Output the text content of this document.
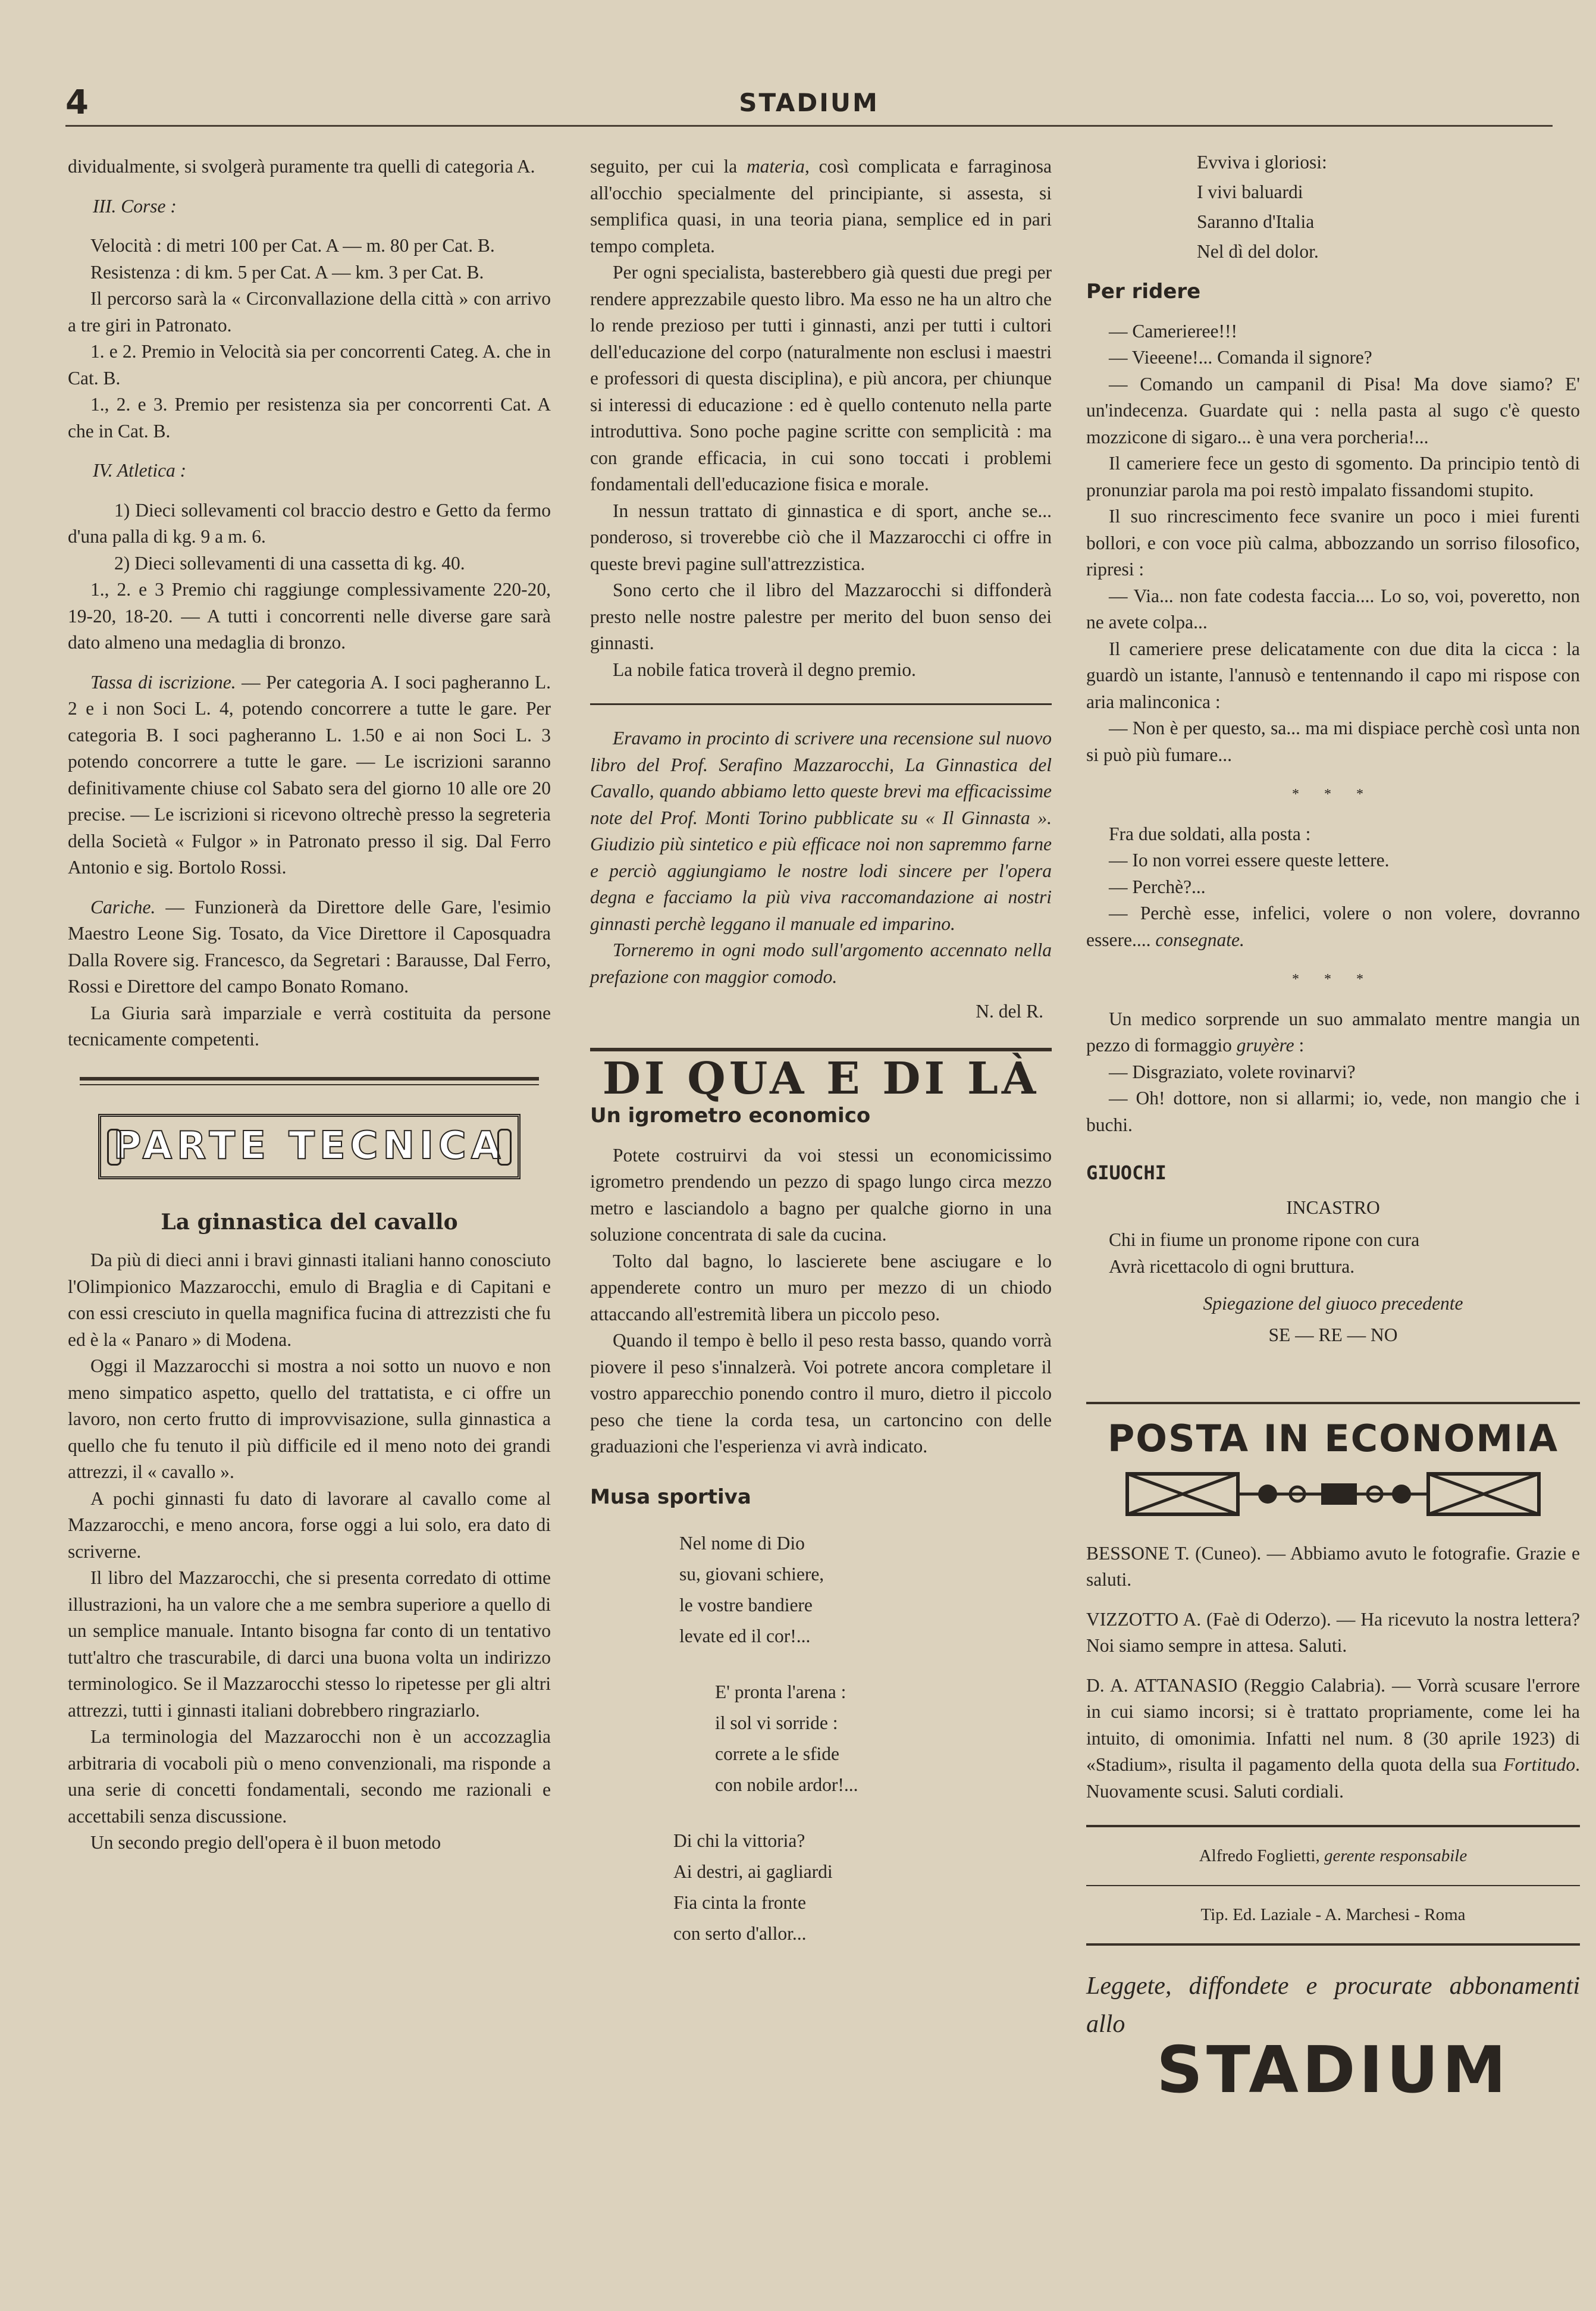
4	STADIUM

dividualmente, si svolgerà puramente tra quelli di categoria A.

III. Corse :

Velocità : di metri 100 per Cat. A — m. 80 per Cat. B.

Resistenza : di km. 5 per Cat. A — km. 3 per Cat. B.

Il percorso sarà la « Circonvallazione della città » con arrivo a tre giri in Patronato.

1. e 2. Premio in Velocità sia per concorrenti Categ. A. che in Cat. B.

1., 2. e 3. Premio per resistenza sia per concorrenti Cat. A che in Cat. B.

IV. Atletica :

1) Dieci sollevamenti col braccio destro e Getto da fermo d'una palla di kg. 9 a m. 6.

2) Dieci sollevamenti di una cassetta di kg. 40.

1., 2. e 3 Premio chi raggiunge complessivamente 220-20, 19-20, 18-20. — A tutti i concorrenti nelle diverse gare sarà dato almeno una medaglia di bronzo.

Tassa di iscrizione. — Per categoria A. I soci pagheranno L. 2 e i non Soci L. 4, potendo concorrere a tutte le gare. Per categoria B. I soci pagheranno L. 1.50 e ai non Soci L. 3 potendo concorrere a tutte le gare. — Le iscrizioni saranno definitivamente chiuse col Sabato sera del giorno 10 alle ore 20 precise. — Le iscrizioni si ricevono oltrechè presso la segreteria della Società « Fulgor » in Patronato presso il sig. Dal Ferro Antonio e sig. Bortolo Rossi.

Cariche. — Funzionerà da Direttore delle Gare, l'esimio Maestro Leone Sig. Tosato, da Vice Direttore il Caposquadra Dalla Rovere sig. Francesco, da Segretari : Barausse, Dal Ferro, Rossi e Direttore del campo Bonato Romano.

La Giuria sarà imparziale e verrà costituita da persone tecnicamente competenti.

PARTE TECNICA
La ginnastica del cavallo

Da più di dieci anni i bravi ginnasti italiani hanno conosciuto l'Olimpionico Mazzarocchi, emulo di Braglia e di Capitani e con essi cresciuto in quella magnifica fucina di attrezzisti che fu ed è la « Panaro » di Modena.

Oggi il Mazzarocchi si mostra a noi sotto un nuovo e non meno simpatico aspetto, quello del trattatista, e ci offre un lavoro, non certo frutto di improvvisazione, sulla ginnastica a quello che fu tenuto il più difficile ed il meno noto dei grandi attrezzi, il « cavallo ».

A pochi ginnasti fu dato di lavorare al cavallo come al Mazzarocchi, e meno ancora, forse oggi a lui solo, era dato di scriverne.

Il libro del Mazzarocchi, che si presenta corredato di ottime illustrazioni, ha un valore che a me sembra superiore a quello di un semplice manuale. Intanto bisogna far conto di un tentativo tutt'altro che trascurabile, di darci una buona volta un indirizzo terminologico. Se il Mazzarocchi stesso lo ripetesse per gli altri attrezzi, tutti i ginnasti italiani dobrebbero ringraziarlo.

La terminologia del Mazzarocchi non è un accozzaglia arbitraria di vocaboli più o meno convenzionali, ma risponde a una serie di concetti fondamentali, secondo me razionali e accettabili senza discussione.

Un secondo pregio dell'opera è il buon metodo

seguito, per cui la materia, così complicata e farraginosa all'occhio specialmente del principiante, si assesta, si semplifica quasi, in una teoria piana, semplice ed in pari tempo completa.

Per ogni specialista, basterebbero già questi due pregi per rendere apprezzabile questo libro. Ma esso ne ha un altro che lo rende prezioso per tutti i ginnasti, anzi per tutti i cultori dell'educazione del corpo (naturalmente non esclusi i maestri e professori di questa disciplina), e più ancora, per chiunque si interessi di educazione : ed è quello contenuto nella parte introduttiva. Sono poche pagine scritte con semplicità : ma con grande efficacia, in cui sono toccati i problemi fondamentali dell'educazione fisica e morale.

In nessun trattato di ginnastica e di sport, anche se... ponderoso, si troverebbe ciò che il Mazzarocchi ci offre in queste brevi pagine sull'attrezzistica.

Sono certo che il libro del Mazzarocchi si diffonderà presto nelle nostre palestre per merito del buon senso dei ginnasti.

La nobile fatica troverà il degno premio.

Eravamo in procinto di scrivere una recensione sul nuovo libro del Prof. Serafino Mazzarocchi, La Ginnastica del Cavallo, quando abbiamo letto queste brevi ma efficacissime note del Prof. Monti Torino pubblicate su « Il Ginnasta ». Giudizio più sintetico e più efficace noi non sapremmo farne e perciò aggiungiamo le nostre lodi sincere per l'opera degna e facciamo la più viva raccomandazione ai nostri ginnasti perchè leggano il manuale ed imparino.

Torneremo in ogni modo sull'argomento accennato nella prefazione con maggior comodo.

N. del R.
DI QUA E DI LÀ
Un igrometro economico

Potete costruirvi da voi stessi un economicissimo igrometro prendendo un pezzo di spago lungo circa mezzo metro e lasciandolo a bagno per qualche giorno in una soluzione concentrata di sale da cucina.

Tolto dal bagno, lo lascierete bene asciugare e lo appenderete contro un muro per mezzo di un chiodo attaccando all'estremità libera un piccolo peso.

Quando il tempo è bello il peso resta basso, quando vorrà piovere il peso s'innalzerà. Voi potrete ancora completare il vostro apparecchio ponendo contro il muro, dietro il piccolo peso che tiene la corda tesa, un cartoncino con delle graduazioni che l'esperienza vi avrà indicato.

Musa sportiva
Nel nome di Dio
su, giovani schiere,
le vostre bandiere
levate ed il cor!...
E' pronta l'arena :
il sol vi sorride :
correte a le sfide
con nobile ardor!...
Di chi la vittoria?
Ai destri, ai gagliardi
Fia cinta la fronte
con serto d'allor...
Evviva i gloriosi:
I vivi baluardi
Saranno d'Italia
Nel dì del dolor.
Per ridere

— Camerieree!!!

— Vieeene!... Comanda il signore?

— Comando un campanil di Pisa! Ma dove siamo? E' un'indecenza. Guardate qui : nella pasta al sugo c'è questo mozzicone di sigaro... è una vera porcheria!...

Il cameriere fece un gesto di sgomento. Da principio tentò di pronunziar parola ma poi restò impalato fissandomi stupito.

Il suo rincrescimento fece svanire un poco i miei furenti bollori, e con voce più calma, abbozzando un sorriso filosofico, ripresi :

— Via... non fate codesta faccia.... Lo so, voi, poveretto, non ne avete colpa...

Il cameriere prese delicatamente con due dita la cicca : la guardò un istante, l'annusò e tentennando il capo mi rispose con aria malinconica :

— Non è per questo, sa... ma mi dispiace perchè così unta non si può più fumare...

* * *

Fra due soldati, alla posta :

— Io non vorrei essere queste lettere.

— Perchè?...

— Perchè esse, infelici, volere o non volere, dovranno essere.... consegnate.

* * *

Un medico sorprende un suo ammalato mentre mangia un pezzo di formaggio gruyère :

— Disgraziato, volete rovinarvi?

— Oh! dottore, non si allarmi; io, vede, non mangio che i buchi.

GIUOCHI
INCASTRO

Chi in fiume un pronome ripone con cura

Avrà ricettacolo di ogni bruttura.

Spiegazione del giuoco precedente
SE — RE — NO
POSTA IN ECONOMIA

BESSONE T. (Cuneo). — Abbiamo avuto le fotografie. Grazie e saluti.

VIZZOTTO A. (Faè di Oderzo). — Ha ricevuto la nostra lettera? Noi siamo sempre in attesa. Saluti.

D. A. ATTANASIO (Reggio Calabria). — Vorrà scusare l'errore in cui siamo incorsi; si è trattato propriamente, come lei ha intuito, di omonimia. Infatti nel num. 8 (30 aprile 1923) di «Stadium», risulta il pagamento della quota della sua Fortitudo. Nuovamente scusi. Saluti cordiali.

Alfredo Foglietti, gerente responsabile
Tip. Ed. Laziale - A. Marchesi - Roma
Leggete, diffondete e procurate abbonamenti allo
STADIUM
